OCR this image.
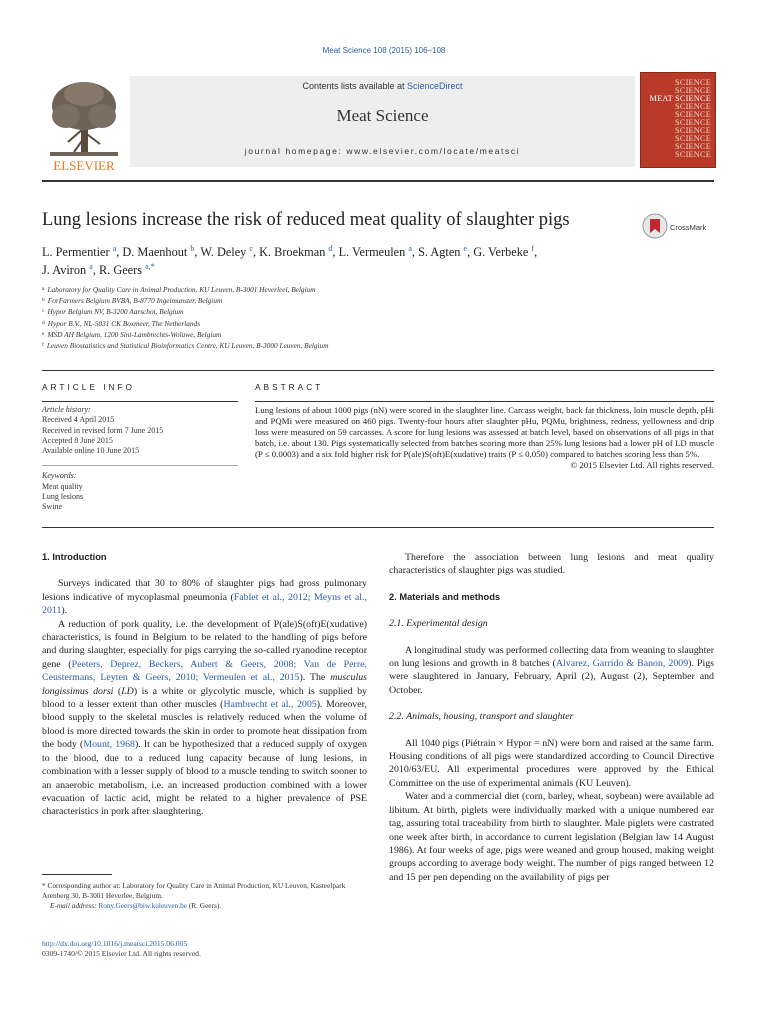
Meat Science 108 (2015) 106–108
ELSEVIER
Contents lists available at ScienceDirect
Meat Science
journal homepage: www.elsevier.com/locate/meatsci
SCIENCE
SCIENCE
MEAT SCIENCE
SCIENCE
SCIENCE
SCIENCE
SCIENCE
SCIENCE
SCIENCE
SCIENCE
Lung lesions increase the risk of reduced meat quality of slaughter pigs	CrossMark
L. Permentier $^a$, D. Maenhout $^b$, W. Deley $^c$, K. Broekman $^d$, L. Vermeulen $^a$, S. Agten $^e$, G. Verbeke $^f$,
J. Aviron $^a$, R. Geers $^{a,*}$
$^a$ Laboratory for Quality Care in Animal Production, KU Leuven, B-3001 Heverleel, Belgium
$^b$ ForFarmers Belgium BVBA, B-8770 Ingelmunster, Belgium
$^c$ Hypor Belgium NV, B-3200 Aarschot, Belgium
$^d$ Hypor B.V., NL-5831 CK Boxmeer, The Netherlands
$^e$ MSD AH Belgium, 1200 Sint-Lambrechts-Woluwe, Belgium
$^f$ Leuven Biostatistics and Statistical Bioinformatics Centre, KU Leuven, B-3000 Leuven, Belgium
ARTICLE INFO	ABSTRACT
Article history:
Received 4 April 2015
Received in revised form 7 June 2015
Accepted 8 June 2015
Available online 10 June 2015
Keywords:
Meat quality
Lung lesions
Swine
Lung lesions of about 1000 pigs (nN) were scored in the slaughter line. Carcass weight, back fat thickness, loin muscle depth, pHi and PQMi were measured on 460 pigs. Twenty-four hours after slaughter pHu, PQMu, brightness, redness, yellowness and drip loss were measured on 59 carcasses. A score for lung lesions was assessed at batch level, based on observations of all pigs in that batch, i.e. about 130. Pigs systematically selected from batches scoring more than 25% lung lesions had a lower pH of LD muscle (P ≤ 0.0003) and a six fold higher risk for P(ale)S(oft)E(xudative) traits (P ≤ 0.050) compared to batches scoring less than 5%.
© 2015 Elsevier Ltd. All rights reserved.
1. Introduction

Surveys indicated that 30 to 80% of slaughter pigs had gross pulmonary lesions indicative of mycoplasmal pneumonia (Fablet et al., 2012; Meyns et al., 2011).

A reduction of pork quality, i.e. the development of P(ale)S(oft)E(xudative) characteristics, is found in Belgium to be related to the handling of pigs before and during slaughter, especially for pigs carrying the so-called ryanodine receptor gene (Peeters, Deprez, Beckers, Aubert & Geers, 2008; Van de Perre, Ceustermans, Leyten & Geers, 2010; Vermeulen et al., 2015). The musculus longissimus dorsi (LD) is a white or glycolytic muscle, which is supplied by blood to a lesser extent than other muscles (Hambrecht et al., 2005). Moreover, blood supply to the skeletal muscles is relatively reduced when the volume of blood is more directed towards the skin in order to promote heat dissipation from the body (Mount, 1968). It can be hypothesized that a reduced supply of oxygen to the blood, due to a reduced lung capacity because of lung lesions, in combination with a lesser supply of blood to a muscle tending to switch sooner to an anaerobic metabolism, i.e. an increased production combined with a lower evacuation of lactic acid, might be related to a higher prevalence of PSE characteristics in pork after slaughtering.

Therefore the association between lung lesions and meat quality characteristics of slaughter pigs was studied.

2. Materials and methods
2.1. Experimental design

A longitudinal study was performed collecting data from weaning to slaughter on lung lesions and growth in 8 batches (Alvarez, Garrido & Banon, 2009). Pigs were slaughtered in January, February, April (2), August (2), September and October.

2.2. Animals, housing, transport and slaughter

All 1040 pigs (Piétrain × Hypor = nN) were born and raised at the same farm. Housing conditions of all pigs were standardized according to Council Directive 2010/63/EU. All experimental procedures were approved by the Ethical Committee on the use of experimental animals (KU Leuven).

Water and a commercial diet (corn, barley, wheat, soybean) were available ad libitum. At birth, piglets were individually marked with a unique numbered ear tag, assuring total traceability from birth to slaughter. Male piglets were castrated one week after birth, in accordance to current legislation (Belgian law 14 August 1986). At four weeks of age, pigs were weaned and group housed, making weight groups according to average body weight. The number of pigs ranged between 12 and 15 per pen depending on the availability of pigs per

* Corresponding author at: Laboratory for Quality Care in Animal Production, KU Leuven, Kasteelpark Arenberg 30, B-3001 Heverlee, Belgium.
E-mail address: Rony.Geers@biw.kuleuven.be (R. Geers).
http://dx.doi.org/10.1016/j.meatsci.2015.06.005
0309-1740/© 2015 Elsevier Ltd. All rights reserved.
